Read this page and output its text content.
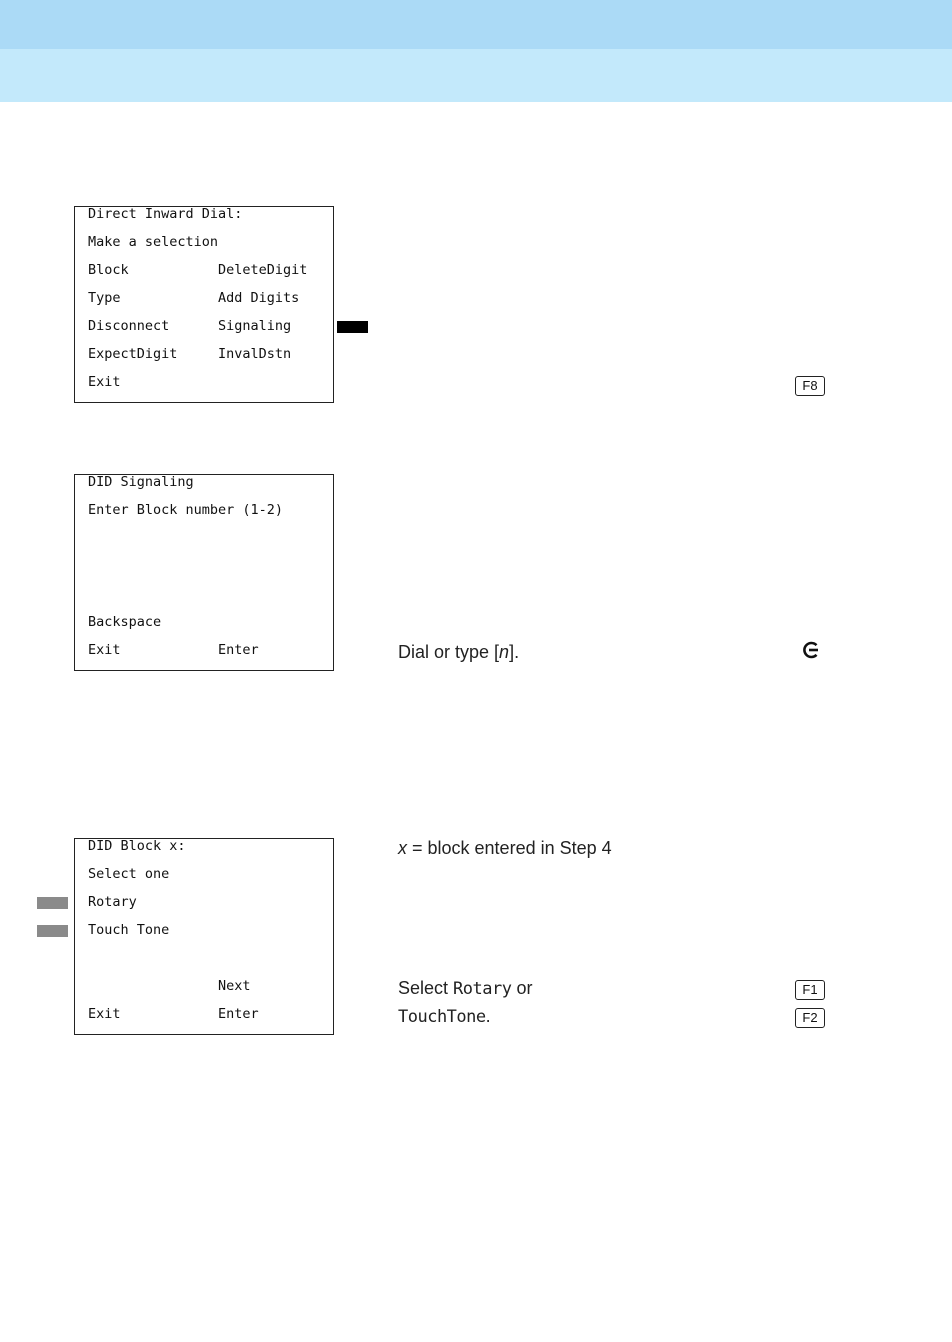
Direct Inward Dial:
Make a selection
Block	DeleteDigit
Type	Add Digits
Disconnect	Signaling
ExpectDigit	InvalDstn
Exit	F8
DID Signaling
Enter Block number (1-2)
Backspace
Exit	Enter	Dial or type [n].
DID Block x:
Select one
Rotary
Touch Tone
Next
Exit	Enter
x = block entered in Step 4
Select Rotary or
TouchTone.
F1
F2
